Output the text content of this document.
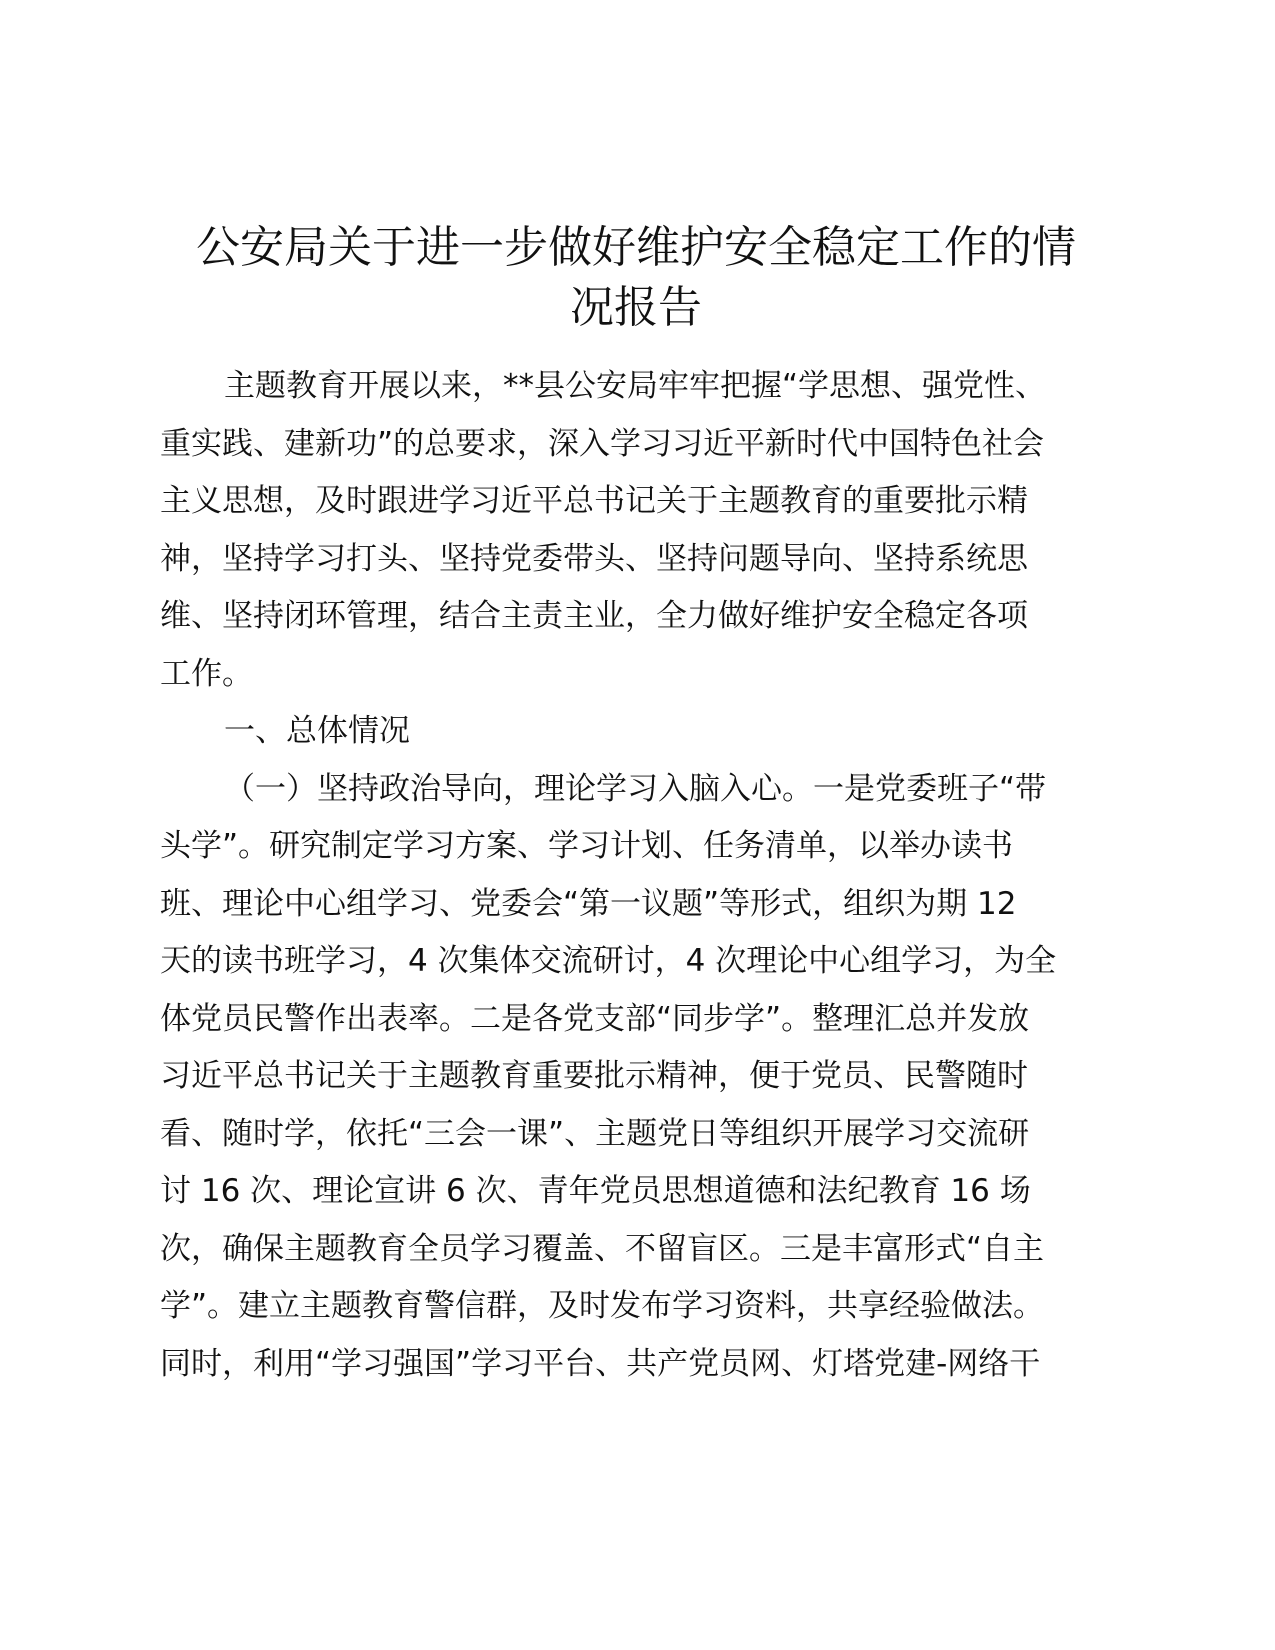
公安局关于进一步做好维护安全稳定工作的情
况报告

主题教育开展以来，**县公安局牢牢把握“学思想、强党性、
重实践、建新功”的总要求，深入学习习近平新时代中国特色社会
主义思想，及时跟进学习近平总书记关于主题教育的重要批示精
神，坚持学习打头、坚持党委带头、坚持问题导向、坚持系统思
维、坚持闭环管理，结合主责主业，全力做好维护安全稳定各项
工作。

一、总体情况

（一）坚持政治导向，理论学习入脑入心。一是党委班子“带
头学”。研究制定学习方案、学习计划、任务清单，以举办读书
班、理论中心组学习、党委会“第一议题”等形式，组织为期 12
天的读书班学习，4 次集体交流研讨，4 次理论中心组学习，为全
体党员民警作出表率。二是各党支部“同步学”。整理汇总并发放
习近平总书记关于主题教育重要批示精神，便于党员、民警随时
看、随时学，依托“三会一课”、主题党日等组织开展学习交流研
讨 16 次、理论宣讲 6 次、青年党员思想道德和法纪教育 16 场
次，确保主题教育全员学习覆盖、不留盲区。三是丰富形式“自主
学”。建立主题教育警信群，及时发布学习资料，共享经验做法。
同时，利用“学习强国”学习平台、共产党员网、灯塔党建-网络干
